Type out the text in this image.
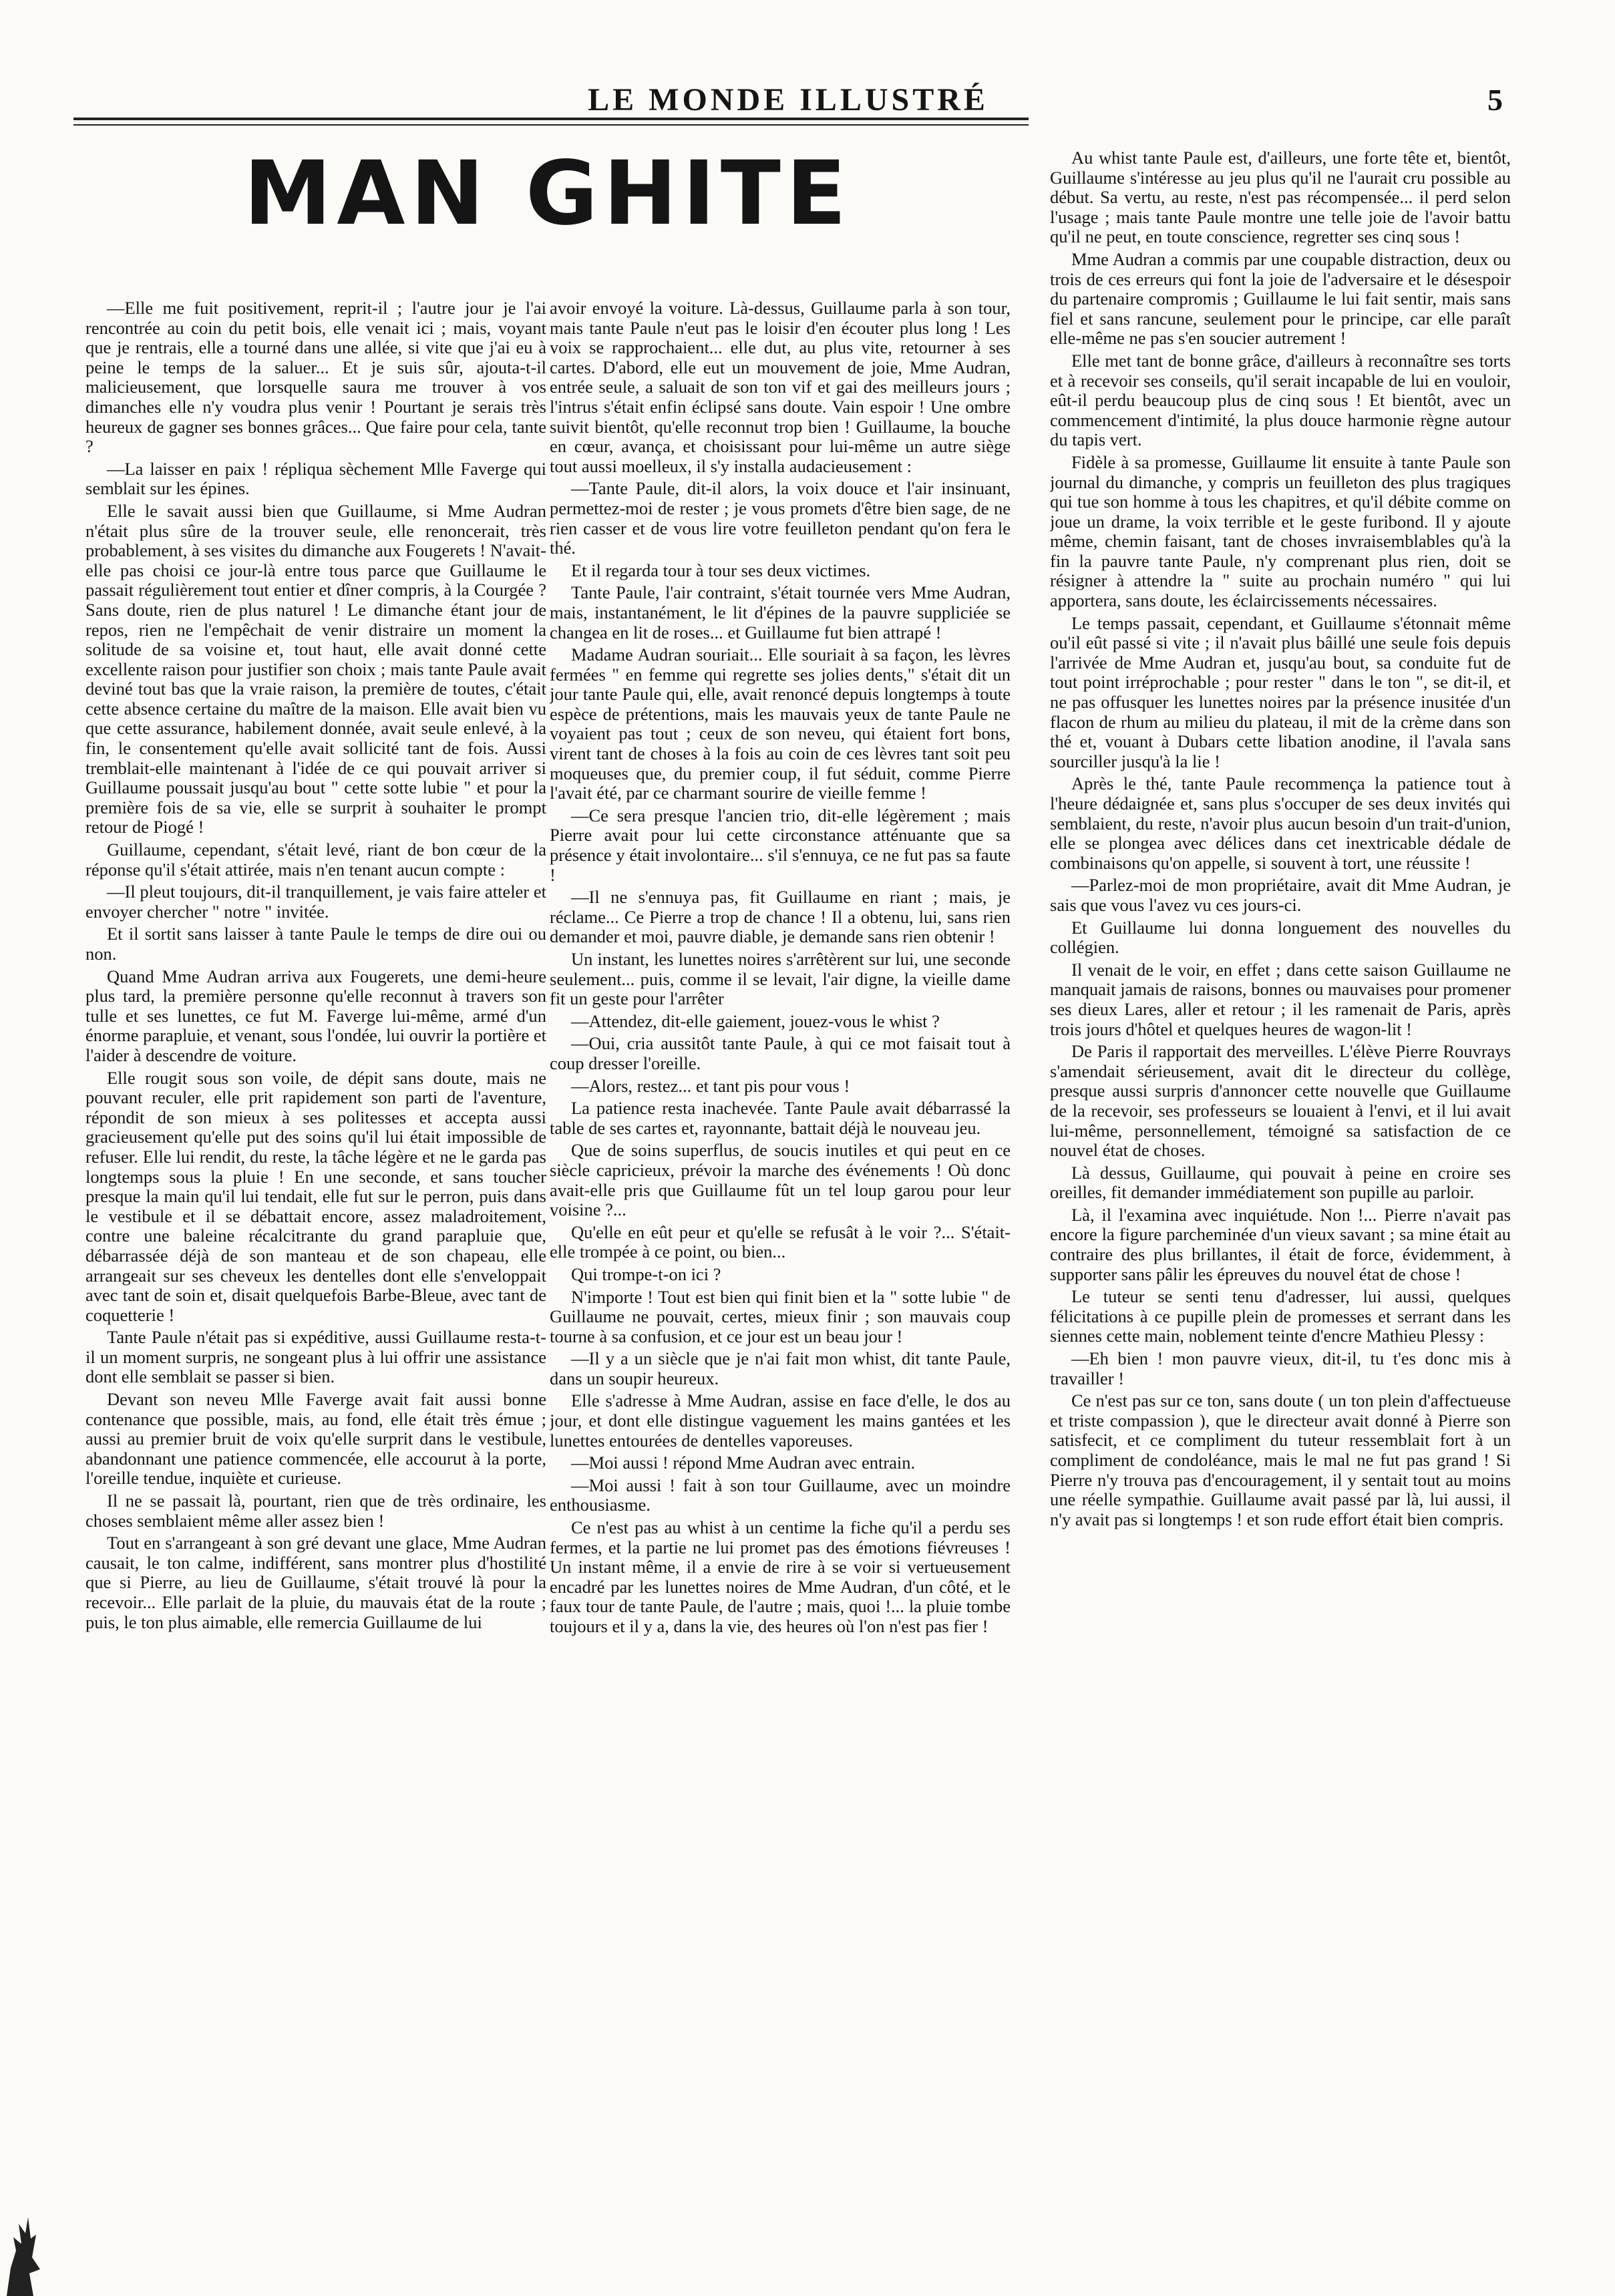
LE MONDE ILLUSTRÉ	5
MAN GHITE

—Elle me fuit positivement, reprit-il ; l'autre jour je l'ai rencontrée au coin du petit bois, elle venait ici ; mais, voyant que je rentrais, elle a tourné dans une allée, si vite que j'ai eu à peine le temps de la saluer... Et je suis sûr, ajouta-t-il malicieusement, que lorsquelle saura me trouver à vos dimanches elle n'y voudra plus venir ! Pourtant je serais très heureux de gagner ses bonnes grâces... Que faire pour cela, tante ?

—La laisser en paix ! répliqua sèchement Mlle Faverge qui semblait sur les épines.

Elle le savait aussi bien que Guillaume, si Mme Audran n'était plus sûre de la trouver seule, elle renoncerait, très probablement, à ses visites du dimanche aux Fougerets ! N'avait-elle pas choisi ce jour-là entre tous parce que Guillaume le passait régulièrement tout entier et dîner compris, à la Courgée ? Sans doute, rien de plus naturel ! Le dimanche étant jour de repos, rien ne l'empêchait de venir distraire un moment la solitude de sa voisine et, tout haut, elle avait donné cette excellente raison pour justifier son choix ; mais tante Paule avait deviné tout bas que la vraie raison, la première de toutes, c'était cette absence certaine du maître de la maison. Elle avait bien vu que cette assurance, habilement donnée, avait seule enlevé, à la fin, le consentement qu'elle avait sollicité tant de fois. Aussi tremblait-elle maintenant à l'idée de ce qui pouvait arriver si Guillaume poussait jusqu'au bout " cette sotte lubie " et pour la première fois de sa vie, elle se surprit à souhaiter le prompt retour de Piogé !

Guillaume, cependant, s'était levé, riant de bon cœur de la réponse qu'il s'était attirée, mais n'en tenant aucun compte :

—Il pleut toujours, dit-il tranquillement, je vais faire atteler et envoyer chercher " notre " invitée.

Et il sortit sans laisser à tante Paule le temps de dire oui ou non.

Quand Mme Audran arriva aux Fougerets, une demi-heure plus tard, la première personne qu'elle reconnut à travers son tulle et ses lunettes, ce fut M. Faverge lui-même, armé d'un énorme parapluie, et venant, sous l'ondée, lui ouvrir la portière et l'aider à descendre de voiture.

Elle rougit sous son voile, de dépit sans doute, mais ne pouvant reculer, elle prit rapidement son parti de l'aventure, répondit de son mieux à ses politesses et accepta aussi gracieusement qu'elle put des soins qu'il lui était impossible de refuser. Elle lui rendit, du reste, la tâche légère et ne le garda pas longtemps sous la pluie ! En une seconde, et sans toucher presque la main qu'il lui tendait, elle fut sur le perron, puis dans le vestibule et il se débattait encore, assez maladroitement, contre une baleine récalcitrante du grand parapluie que, débarrassée déjà de son manteau et de son chapeau, elle arrangeait sur ses cheveux les dentelles dont elle s'enveloppait avec tant de soin et, disait quelquefois Barbe-Bleue, avec tant de coquetterie !

Tante Paule n'était pas si expéditive, aussi Guillaume resta-t-il un moment surpris, ne songeant plus à lui offrir une assistance dont elle semblait se passer si bien.

Devant son neveu Mlle Faverge avait fait aussi bonne contenance que possible, mais, au fond, elle était très émue ; aussi au premier bruit de voix qu'elle surprit dans le vestibule, abandonnant une patience commencée, elle accourut à la porte, l'oreille tendue, inquiète et curieuse.

Il ne se passait là, pourtant, rien que de très ordinaire, les choses semblaient même aller assez bien !

Tout en s'arrangeant à son gré devant une glace, Mme Audran causait, le ton calme, indifférent, sans montrer plus d'hostilité que si Pierre, au lieu de Guillaume, s'était trouvé là pour la recevoir... Elle parlait de la pluie, du mauvais état de la route ; puis, le ton plus aimable, elle remercia Guillaume de lui

avoir envoyé la voiture. Là-dessus, Guillaume parla à son tour, mais tante Paule n'eut pas le loisir d'en écouter plus long ! Les voix se rapprochaient... elle dut, au plus vite, retourner à ses cartes. D'abord, elle eut un mouvement de joie, Mme Audran, entrée seule, a saluait de son ton vif et gai des meilleurs jours ; l'intrus s'était enfin éclipsé sans doute. Vain espoir ! Une ombre suivit bientôt, qu'elle reconnut trop bien ! Guillaume, la bouche en cœur, avança, et choisissant pour lui-même un autre siège tout aussi moelleux, il s'y installa audacieusement :

—Tante Paule, dit-il alors, la voix douce et l'air insinuant, permettez-moi de rester ; je vous promets d'être bien sage, de ne rien casser et de vous lire votre feuilleton pendant qu'on fera le thé.

Et il regarda tour à tour ses deux victimes.

Tante Paule, l'air contraint, s'était tournée vers Mme Audran, mais, instantanément, le lit d'épines de la pauvre suppliciée se changea en lit de roses... et Guillaume fut bien attrapé !

Madame Audran souriait... Elle souriait à sa façon, les lèvres fermées " en femme qui regrette ses jolies dents," s'était dit un jour tante Paule qui, elle, avait renoncé depuis longtemps à toute espèce de prétentions, mais les mauvais yeux de tante Paule ne voyaient pas tout ; ceux de son neveu, qui étaient fort bons, virent tant de choses à la fois au coin de ces lèvres tant soit peu moqueuses que, du premier coup, il fut séduit, comme Pierre l'avait été, par ce charmant sourire de vieille femme !

—Ce sera presque l'ancien trio, dit-elle légèrement ; mais Pierre avait pour lui cette circonstance atténuante que sa présence y était involontaire... s'il s'ennuya, ce ne fut pas sa faute !

—Il ne s'ennuya pas, fit Guillaume en riant ; mais, je réclame... Ce Pierre a trop de chance ! Il a obtenu, lui, sans rien demander et moi, pauvre diable, je demande sans rien obtenir !

Un instant, les lunettes noires s'arrêtèrent sur lui, une seconde seulement... puis, comme il se levait, l'air digne, la vieille dame fit un geste pour l'arrêter

—Attendez, dit-elle gaiement, jouez-vous le whist ?

—Oui, cria aussitôt tante Paule, à qui ce mot faisait tout à coup dresser l'oreille.

—Alors, restez... et tant pis pour vous !

La patience resta inachevée. Tante Paule avait débarrassé la table de ses cartes et, rayonnante, battait déjà le nouveau jeu.

Que de soins superflus, de soucis inutiles et qui peut en ce siècle capricieux, prévoir la marche des événements ! Où donc avait-elle pris que Guillaume fût un tel loup garou pour leur voisine ?...

Qu'elle en eût peur et qu'elle se refusât à le voir ?... S'était-elle trompée à ce point, ou bien...

Qui trompe-t-on ici ?

N'importe ! Tout est bien qui finit bien et la " sotte lubie " de Guillaume ne pouvait, certes, mieux finir ; son mauvais coup tourne à sa confusion, et ce jour est un beau jour !

—Il y a un siècle que je n'ai fait mon whist, dit tante Paule, dans un soupir heureux.

Elle s'adresse à Mme Audran, assise en face d'elle, le dos au jour, et dont elle distingue vaguement les mains gantées et les lunettes entourées de dentelles vaporeuses.

—Moi aussi ! répond Mme Audran avec entrain.

—Moi aussi ! fait à son tour Guillaume, avec un moindre enthousiasme.

Ce n'est pas au whist à un centime la fiche qu'il a perdu ses fermes, et la partie ne lui promet pas des émotions fiévreuses ! Un instant même, il a envie de rire à se voir si vertueusement encadré par les lunettes noires de Mme Audran, d'un côté, et le faux tour de tante Paule, de l'autre ; mais, quoi !... la pluie tombe toujours et il y a, dans la vie, des heures où l'on n'est pas fier !

Au whist tante Paule est, d'ailleurs, une forte tête et, bientôt, Guillaume s'intéresse au jeu plus qu'il ne l'aurait cru possible au début. Sa vertu, au reste, n'est pas récompensée... il perd selon l'usage ; mais tante Paule montre une telle joie de l'avoir battu qu'il ne peut, en toute conscience, regretter ses cinq sous !

Mme Audran a commis par une coupable distraction, deux ou trois de ces erreurs qui font la joie de l'adversaire et le désespoir du partenaire compromis ; Guillaume le lui fait sentir, mais sans fiel et sans rancune, seulement pour le principe, car elle paraît elle-même ne pas s'en soucier autrement !

Elle met tant de bonne grâce, d'ailleurs à reconnaître ses torts et à recevoir ses conseils, qu'il serait incapable de lui en vouloir, eût-il perdu beaucoup plus de cinq sous ! Et bientôt, avec un commencement d'intimité, la plus douce harmonie règne autour du tapis vert.

Fidèle à sa promesse, Guillaume lit ensuite à tante Paule son journal du dimanche, y compris un feuilleton des plus tragiques qui tue son homme à tous les chapitres, et qu'il débite comme on joue un drame, la voix terrible et le geste furibond. Il y ajoute même, chemin faisant, tant de choses invraisemblables qu'à la fin la pauvre tante Paule, n'y comprenant plus rien, doit se résigner à attendre la " suite au prochain numéro " qui lui apportera, sans doute, les éclaircissements nécessaires.

Le temps passait, cependant, et Guillaume s'étonnait même ou'il eût passé si vite ; il n'avait plus bâillé une seule fois depuis l'arrivée de Mme Audran et, jusqu'au bout, sa conduite fut de tout point irréprochable ; pour rester " dans le ton ", se dit-il, et ne pas offusquer les lunettes noires par la présence inusitée d'un flacon de rhum au milieu du plateau, il mit de la crème dans son thé et, vouant à Dubars cette libation anodine, il l'avala sans sourciller jusqu'à la lie !

Après le thé, tante Paule recommença la patience tout à l'heure dédaignée et, sans plus s'occuper de ses deux invités qui semblaient, du reste, n'avoir plus aucun besoin d'un trait-d'union, elle se plongea avec délices dans cet inextricable dédale de combinaisons qu'on appelle, si souvent à tort, une réussite !

—Parlez-moi de mon propriétaire, avait dit Mme Audran, je sais que vous l'avez vu ces jours-ci.

Et Guillaume lui donna longuement des nouvelles du collégien.

Il venait de le voir, en effet ; dans cette saison Guillaume ne manquait jamais de raisons, bonnes ou mauvaises pour promener ses dieux Lares, aller et retour ; il les ramenait de Paris, après trois jours d'hôtel et quelques heures de wagon-lit !

De Paris il rapportait des merveilles. L'élève Pierre Rouvrays s'amendait sérieusement, avait dit le directeur du collège, presque aussi surpris d'annoncer cette nouvelle que Guillaume de la recevoir, ses professeurs se louaient à l'envi, et il lui avait lui-même, personnellement, témoigné sa satisfaction de ce nouvel état de choses.

Là dessus, Guillaume, qui pouvait à peine en croire ses oreilles, fit demander immédiatement son pupille au parloir.

Là, il l'examina avec inquiétude. Non !... Pierre n'avait pas encore la figure parcheminée d'un vieux savant ; sa mine était au contraire des plus brillantes, il était de force, évidemment, à supporter sans pâlir les épreuves du nouvel état de chose !

Le tuteur se senti tenu d'adresser, lui aussi, quelques félicitations à ce pupille plein de promesses et serrant dans les siennes cette main, noblement teinte d'encre Mathieu Plessy :

—Eh bien ! mon pauvre vieux, dit-il, tu t'es donc mis à travailler !

Ce n'est pas sur ce ton, sans doute ( un ton plein d'affectueuse et triste compassion ), que le directeur avait donné à Pierre son satisfecit, et ce compliment du tuteur ressemblait fort à un compliment de condoléance, mais le mal ne fut pas grand ! Si Pierre n'y trouva pas d'encouragement, il y sentait tout au moins une réelle sympathie. Guillaume avait passé par là, lui aussi, il n'y avait pas si longtemps ! et son rude effort était bien compris.
